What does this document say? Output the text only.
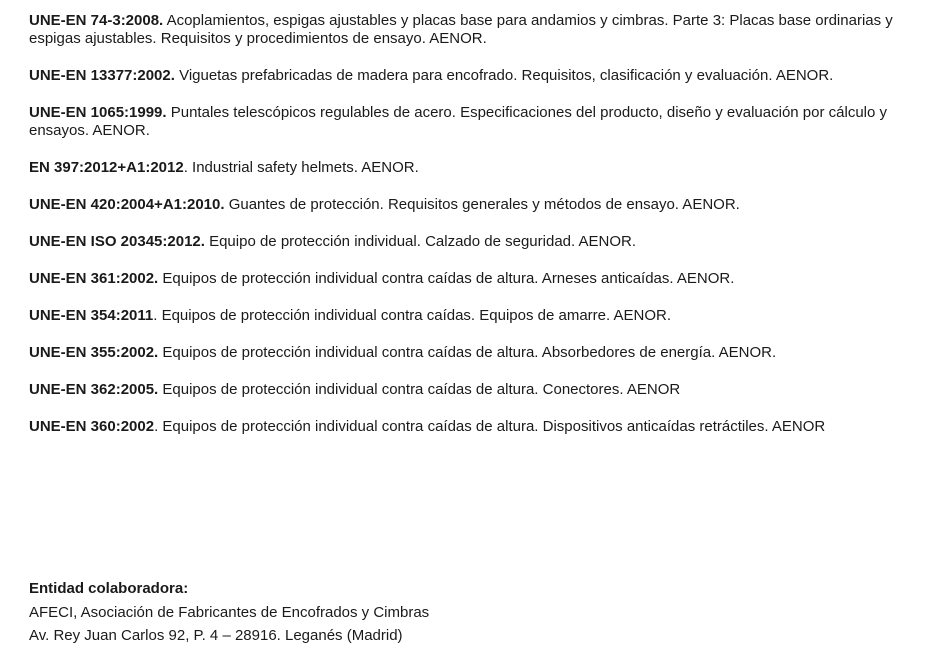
UNE-EN 74-3:2008. Acoplamientos, espigas ajustables y placas base para andamios y cimbras. Parte 3: Placas base ordinarias y espigas ajustables. Requisitos y procedimientos de ensayo. AENOR.

UNE-EN 13377:2002. Viguetas prefabricadas de madera para encofrado. Requisitos, clasificación y evaluación. AENOR.

UNE-EN 1065:1999. Puntales telescópicos regulables de acero. Especificaciones del producto, diseño y evaluación por cálculo y ensayos. AENOR.

EN 397:2012+A1:2012. Industrial safety helmets. AENOR.

UNE-EN 420:2004+A1:2010. Guantes de protección. Requisitos generales y métodos de ensayo. AENOR.

UNE-EN ISO 20345:2012. Equipo de protección individual. Calzado de seguridad. AENOR.

UNE-EN 361:2002. Equipos de protección individual contra caídas de altura. Arneses anticaídas. AENOR.

UNE-EN 354:2011. Equipos de protección individual contra caídas. Equipos de amarre. AENOR.

UNE-EN 355:2002. Equipos de protección individual contra caídas de altura. Absorbedores de energía. AENOR.

UNE-EN 362:2005. Equipos de protección individual contra caídas de altura. Conectores. AENOR

UNE-EN 360:2002. Equipos de protección individual contra caídas de altura. Dispositivos anticaídas retráctiles. AENOR

Entidad colaboradora:
AFECI, Asociación de Fabricantes de Encofrados y Cimbras
Av. Rey Juan Carlos 92, P. 4 – 28916. Leganés (Madrid)
